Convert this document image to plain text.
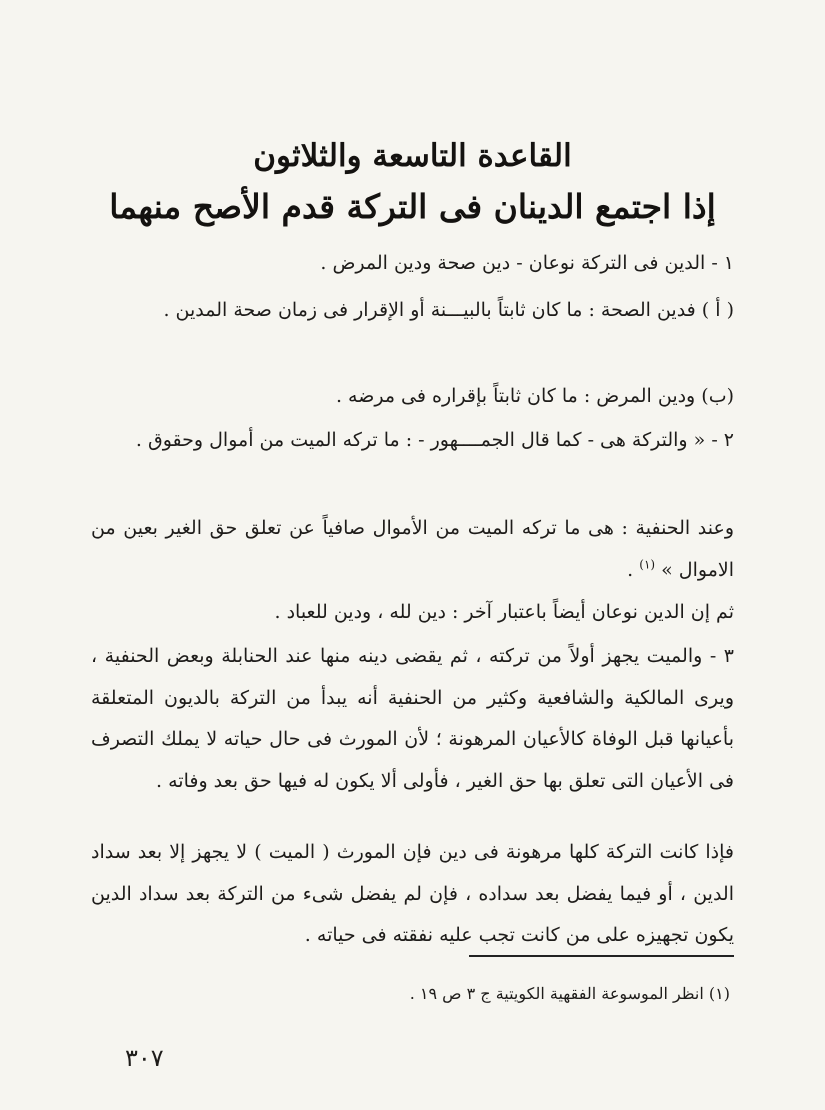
القاعدة التاسعة والثلاثون
إذا اجتمع الدينان فى التركة قدم الأصح منهما
١ - الدين فى التركة نوعان - دين صحة ودين المرض .
( أ ) فدين الصحة : ما كان ثابتاً بالبيـــنة أو الإقرار فى زمان صحة المدين .
(ب) ودين المرض : ما كان ثابتاً بإقراره فى مرضه .
٢ - « والتركة هى - كما قال الجمــــهور - : ما تركه الميت من أموال وحقوق .
وعند الحنفية : هى ما تركه الميت من الأموال صافياً عن تعلق حق الغير بعين من الاموال » $^{(١)}$ .
ثم إن الدين نوعان أيضاً باعتبار آخر : دين لله ، ودين للعباد .
٣ - والميت يجهز أولاً من تركته ، ثم يقضى دينه منها عند الحنابلة وبعض الحنفية ، ويرى المالكية والشافعية وكثير من الحنفية أنه يبدأ من التركة بالديون المتعلقة بأعيانها قبل الوفاة كالأعيان المرهونة ؛ لأن المورث فى حال حياته لا يملك التصرف فى الأعيان التى تعلق بها حق الغير ، فأولى ألا يكون له فيها حق بعد وفاته .
فإذا كانت التركة كلها مرهونة فى دين فإن المورث ( الميت ) لا يجهز إلا بعد سداد الدين ، أو فيما يفضل بعد سداده ، فإن لم يفضل شىء من التركة بعد سداد الدين يكون تجهيزه على من كانت تجب عليه نفقته فى حياته .
(١) انظر الموسوعة الفقهية الكويتية ج ٣ ص ١٩ .
٣٠٧
